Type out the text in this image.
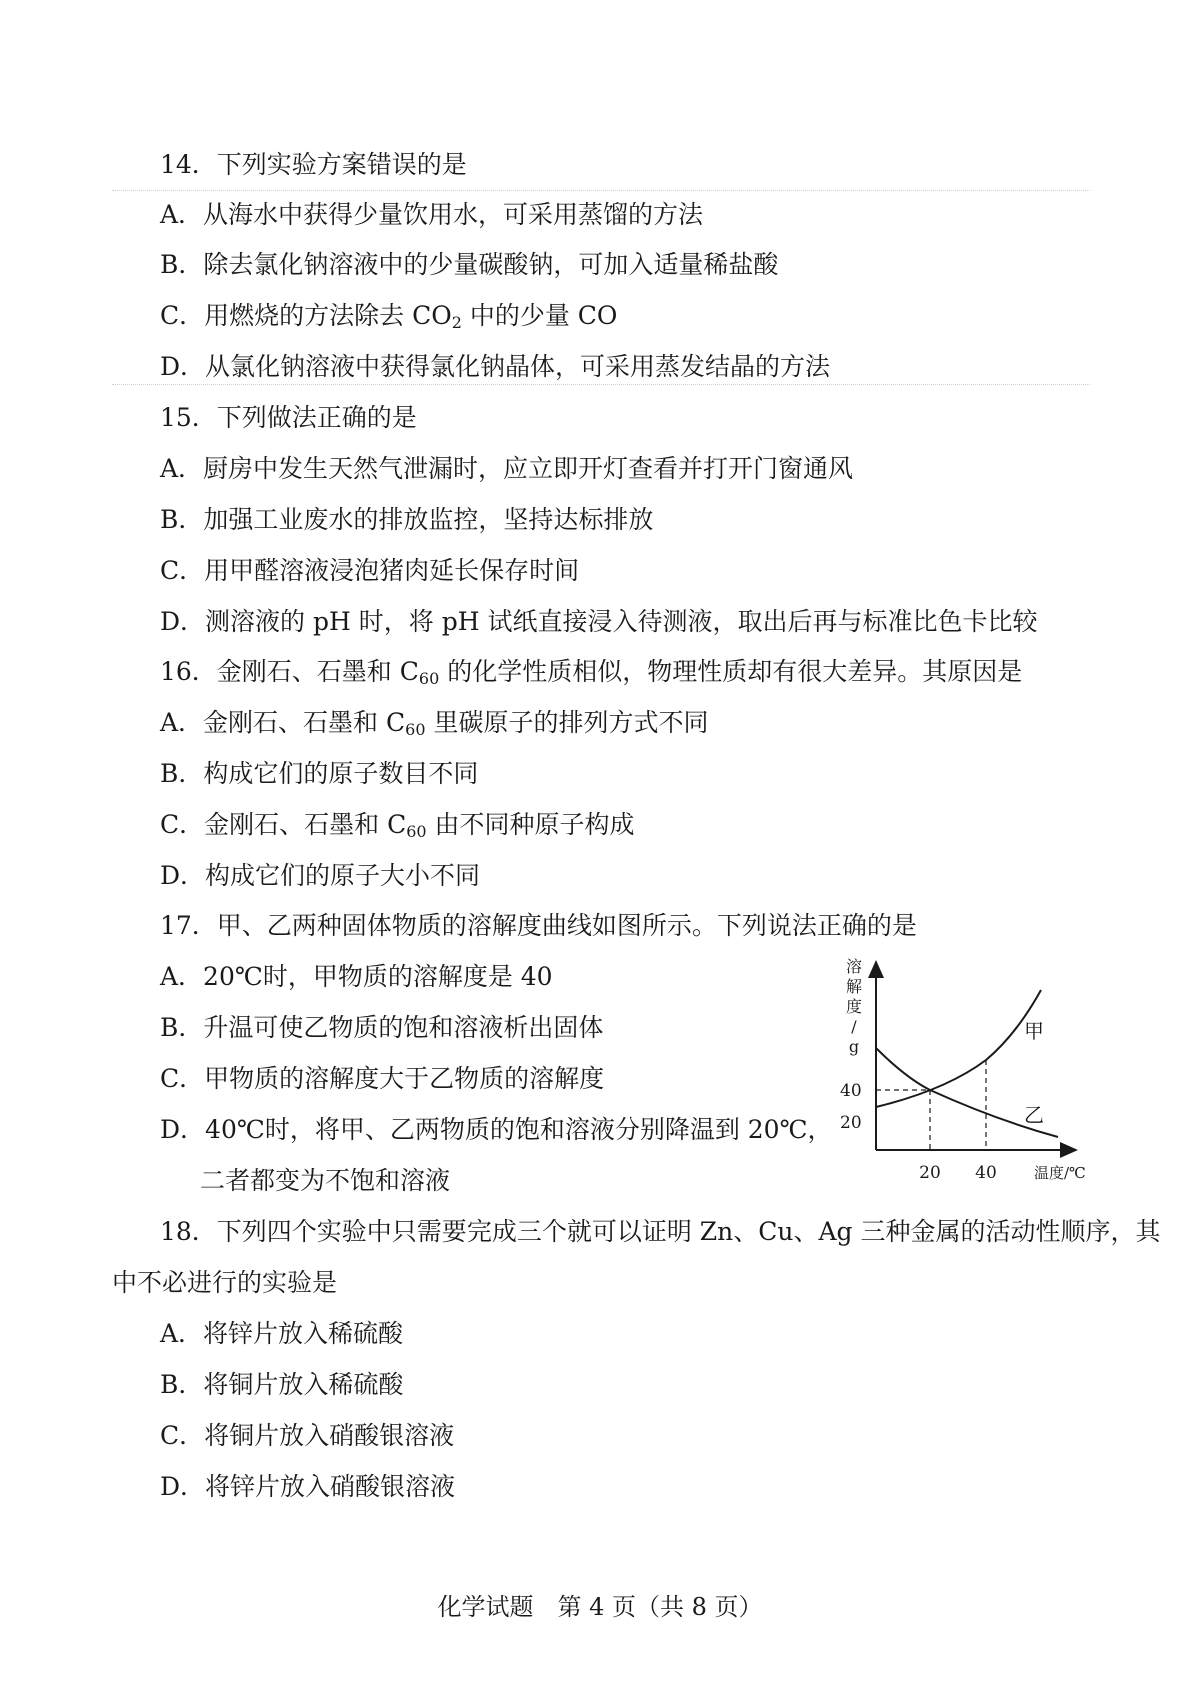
14．下列实验方案错误的是
A．从海水中获得少量饮用水，可采用蒸馏的方法
B．除去氯化钠溶液中的少量碳酸钠，可加入适量稀盐酸
C．用燃烧的方法除去 $CO_2$ 中的少量 CO
D．从氯化钠溶液中获得氯化钠晶体，可采用蒸发结晶的方法
15．下列做法正确的是
A．厨房中发生天然气泄漏时，应立即开灯查看并打开门窗通风
B．加强工业废水的排放监控，坚持达标排放
C．用甲醛溶液浸泡猪肉延长保存时间
D．测溶液的 pH 时，将 pH 试纸直接浸入待测液，取出后再与标准比色卡比较
16．金刚石、石墨和 $C_{60}$ 的化学性质相似，物理性质却有很大差异。其原因是
A．金刚石、石墨和 $C_{60}$ 里碳原子的排列方式不同
B．构成它们的原子数目不同
C．金刚石、石墨和 $C_{60}$ 由不同种原子构成
D．构成它们的原子大小不同
17．甲、乙两种固体物质的溶解度曲线如图所示。下列说法正确的是
A．20℃时，甲物质的溶解度是 40
B．升温可使乙物质的饱和溶液析出固体
C．甲物质的溶解度大于乙物质的溶解度
D．40℃时，将甲、乙两物质的饱和溶液分别降温到 20℃，
二者都变为不饱和溶液
溶
解
度
/
g
40
20
20 40 温度/℃
甲
乙
18．下列四个实验中只需要完成三个就可以证明 Zn、Cu、Ag 三种金属的活动性顺序，其
中不必进行的实验是
A．将锌片放入稀硫酸
B．将铜片放入稀硫酸
C．将铜片放入硝酸银溶液
D．将锌片放入硝酸银溶液
化学试题　第 4 页（共 8 页）
